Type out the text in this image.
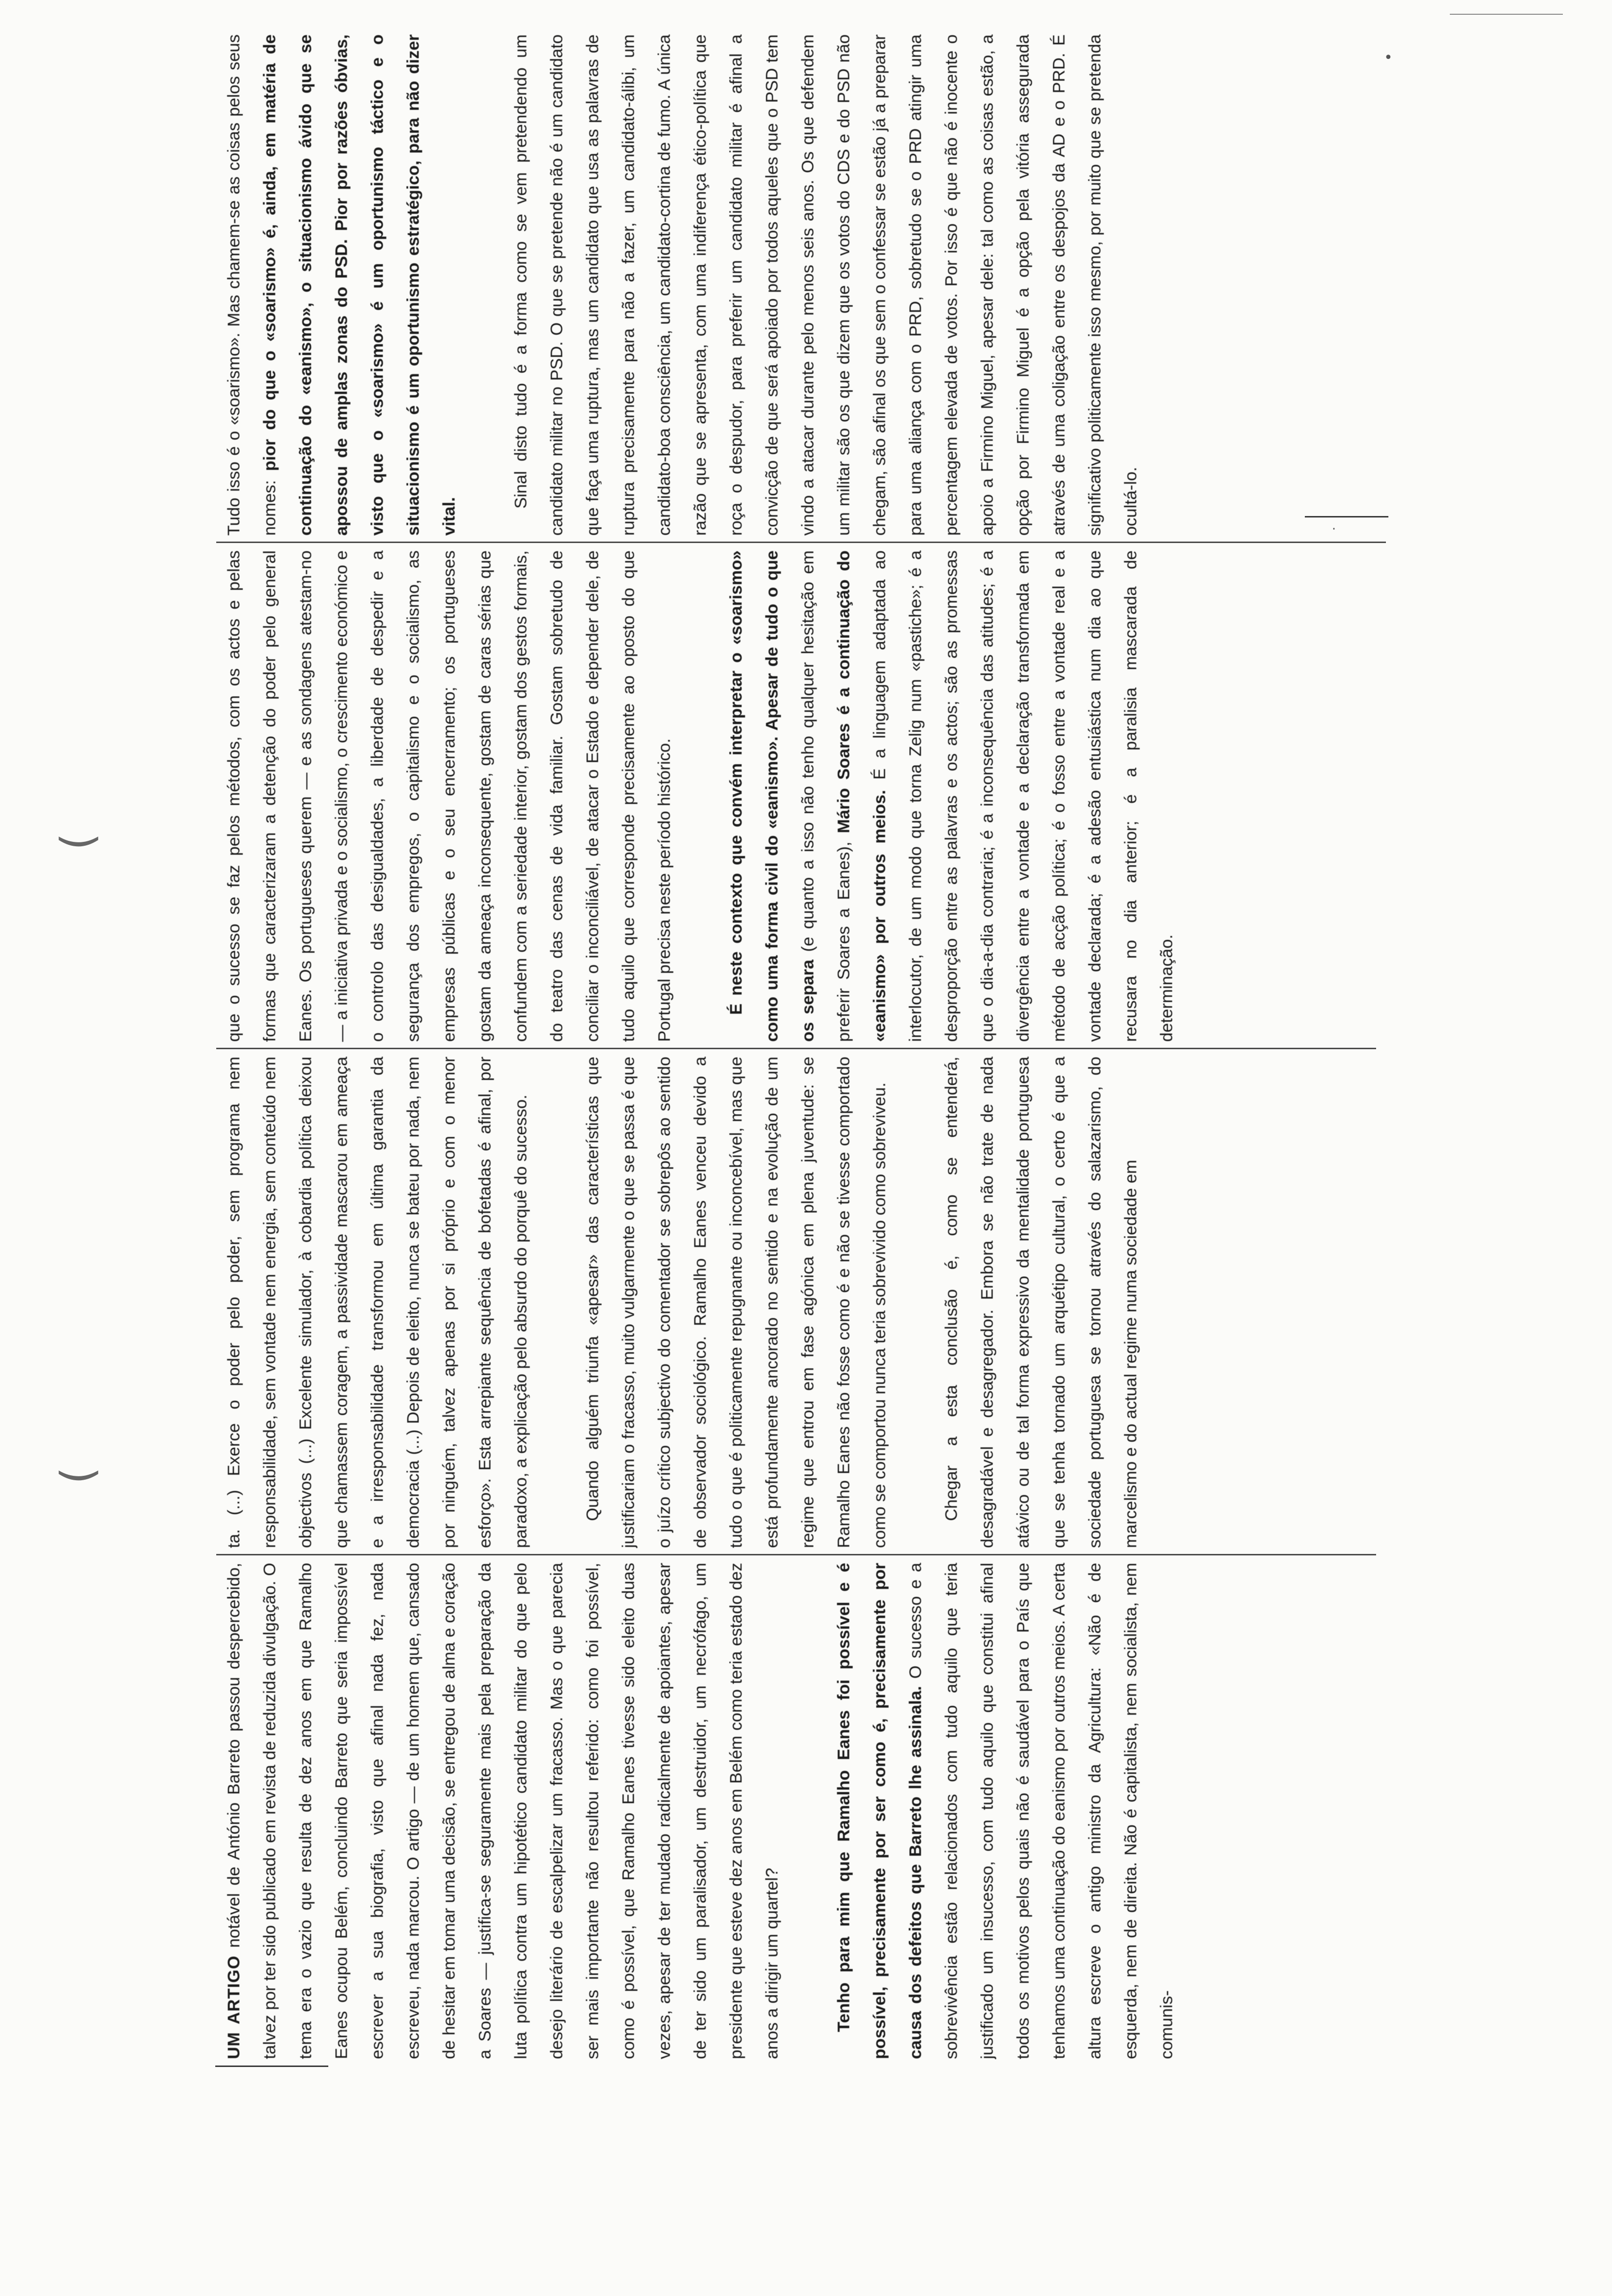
UM ARTIGO notável de António Barreto passou despercebido, talvez por ter sido publicado em revista de reduzida divulgação. O tema era o vazio que resulta de dez anos em que Ramalho Eanes ocupou Belém, concluindo Barreto que seria impossível escrever a sua biografia, visto que afinal nada fez, nada escreveu, nada marcou. O artigo — de um homem que, cansado de hesitar em tomar uma decisão, se entregou de alma e coração a Soares — justifica-se seguramente mais pela preparação da luta política contra um hipotético candidato militar do que pelo desejo literário de escalpelizar um fracasso. Mas o que parecia ser mais importante não resultou referido: como foi possível, como é possível, que Ramalho Eanes tivesse sido eleito duas vezes, apesar de ter mudado radicalmente de apoiantes, apesar de ter sido um paralisador, um destruidor, um necrófago, um presidente que esteve dez anos em Belém como teria estado dez anos a dirigir um quartel?	Tenho para mim que Ramalho Eanes foi possível e é possível, precisamente por ser como é, precisamente por causa dos defeitos que Barreto lhe assinala. O sucesso e a sobrevivência estão relacionados com tudo aquilo que teria justificado um insucesso, com tudo aquilo que constitui afinal todos os motivos pelos quais não é saudável para o País que tenhamos uma continuação do eanismo por outros meios. A certa altura escreve o antigo ministro da Agricultura: «Não é de esquerda, nem de direita. Não é capitalista, nem socialista, nem comunis-

ta. (...) Exerce o poder pelo poder, sem programa nem responsabilidade, sem vontade nem energia, sem conteúdo nem objectivos (...) Excelente simulador, à cobardia política deixou que chamassem coragem, a passividade mascarou em ameaça e a irresponsabilidade transformou em última garantia da democracia (...) Depois de eleito, nunca se bateu por nada, nem por ninguém, talvez apenas por si próprio e com o menor esforço». Esta arrepiante sequência de bofetadas é afinal, por paradoxo, a explicação pelo absurdo do porquê do sucesso.	Quando alguém triunfa «apesar» das características que justificariam o fracasso, muito vulgarmente o que se passa é que o juízo crítico subjectivo do comentador se sobrepôs ao sentido de observador sociológico. Ramalho Eanes venceu devido a tudo o que é politicamente repugnante ou inconcebível, mas que está profundamente ancorado no sentido e na evolução de um regime que entrou em fase agónica em plena juventude: se Ramalho Eanes não fosse como é e não se tivesse comportado como se comportou nunca teria sobrevivido como sobreviveu.	Chegar a esta conclusão é, como se entenderá, desagradável e desagregador. Embora se não trate de nada atávico ou de tal forma expressivo da mentalidade portuguesa que se tenha tornado um arquétipo cultural, o certo é que a sociedade portuguesa se tornou através do salazarismo, do marcelismo e do actual regime numa sociedade em

que o sucesso se faz pelos métodos, com os actos e pelas formas que caracterizaram a detenção do poder pelo general Eanes. Os portugueses querem — e as sondagens atestam-no — a iniciativa privada e o socialismo, o crescimento económico e o controlo das desigualdades, a liberdade de despedir e a segurança dos empregos, o capitalismo e o socialismo, as empresas públicas e o seu encerramento; os portugueses gostam da ameaça inconsequente, gostam de caras sérias que confundem com a seriedade interior, gostam dos gestos formais, do teatro das cenas de vida familiar. Gostam sobretudo de conciliar o inconciliável, de atacar o Estado e depender dele, de tudo aquilo que corresponde precisamente ao oposto do que Portugal precisa neste período histórico.	É neste contexto que convém interpretar o «soarismo» como uma forma civil do «eanismo». Apesar de tudo o que os separa (e quanto a isso não tenho qualquer hesitação em preferir Soares a Eanes), Mário Soares é a continuação do «eanismo» por outros meios. É a linguagem adaptada ao interlocutor, de um modo que torna Zelig num «pastiche»; é a desproporção entre as palavras e os actos; são as promessas que o dia-a-dia contraria; é a inconsequência das atitudes; é a divergência entre a vontade e a declaração transformada em método de acção política; é o fosso entre a vontade real e a vontade declarada; é a adesão entusiástica num dia ao que recusara no dia anterior; é a paralisia mascarada de determinação.

Tudo isso é o «soarismo». Mas chamem-se as coisas pelos seus nomes: pior do que o «soarismo» é, ainda, em matéria de continuação do «eanismo», o situacionismo ávido que se apossou de amplas zonas do PSD. Pior por razões óbvias, visto que o «soarismo» é um oportunismo táctico e o situacionismo é um oportunismo estratégico, para não dizer vital.

Sinal disto tudo é a forma como se vem pretendendo um candidato militar no PSD. O que se pretende não é um candidato que faça uma ruptura, mas um candidato que usa as palavras de ruptura precisamente para não a fazer, um candidato-álibi, um candidato-boa consciência, um candidato-cortina de fumo. A única razão que se apresenta, com uma indiferença ético-política que roça o despudor, para preferir um candidato militar é afinal a convicção de que será apoiado por todos aqueles que o PSD tem vindo a atacar durante pelo menos seis anos. Os que defendem um militar são os que dizem que os votos do CDS e do PSD não chegam, são afinal os que sem o confessar se estão já a preparar para uma aliança com o PRD, sobretudo se o PRD atingir uma percentagem elevada de votos. Por isso é que não é inocente o apoio a Firmino Miguel, apesar dele: tal como as coisas estão, a opção por Firmino Miguel é a opção pela vitória assegurada através de uma coligação entre os despojos da AD e o PRD. É significativo politicamente isso mesmo, por muito que se pretenda ocultá-lo.

•
·
(
(
